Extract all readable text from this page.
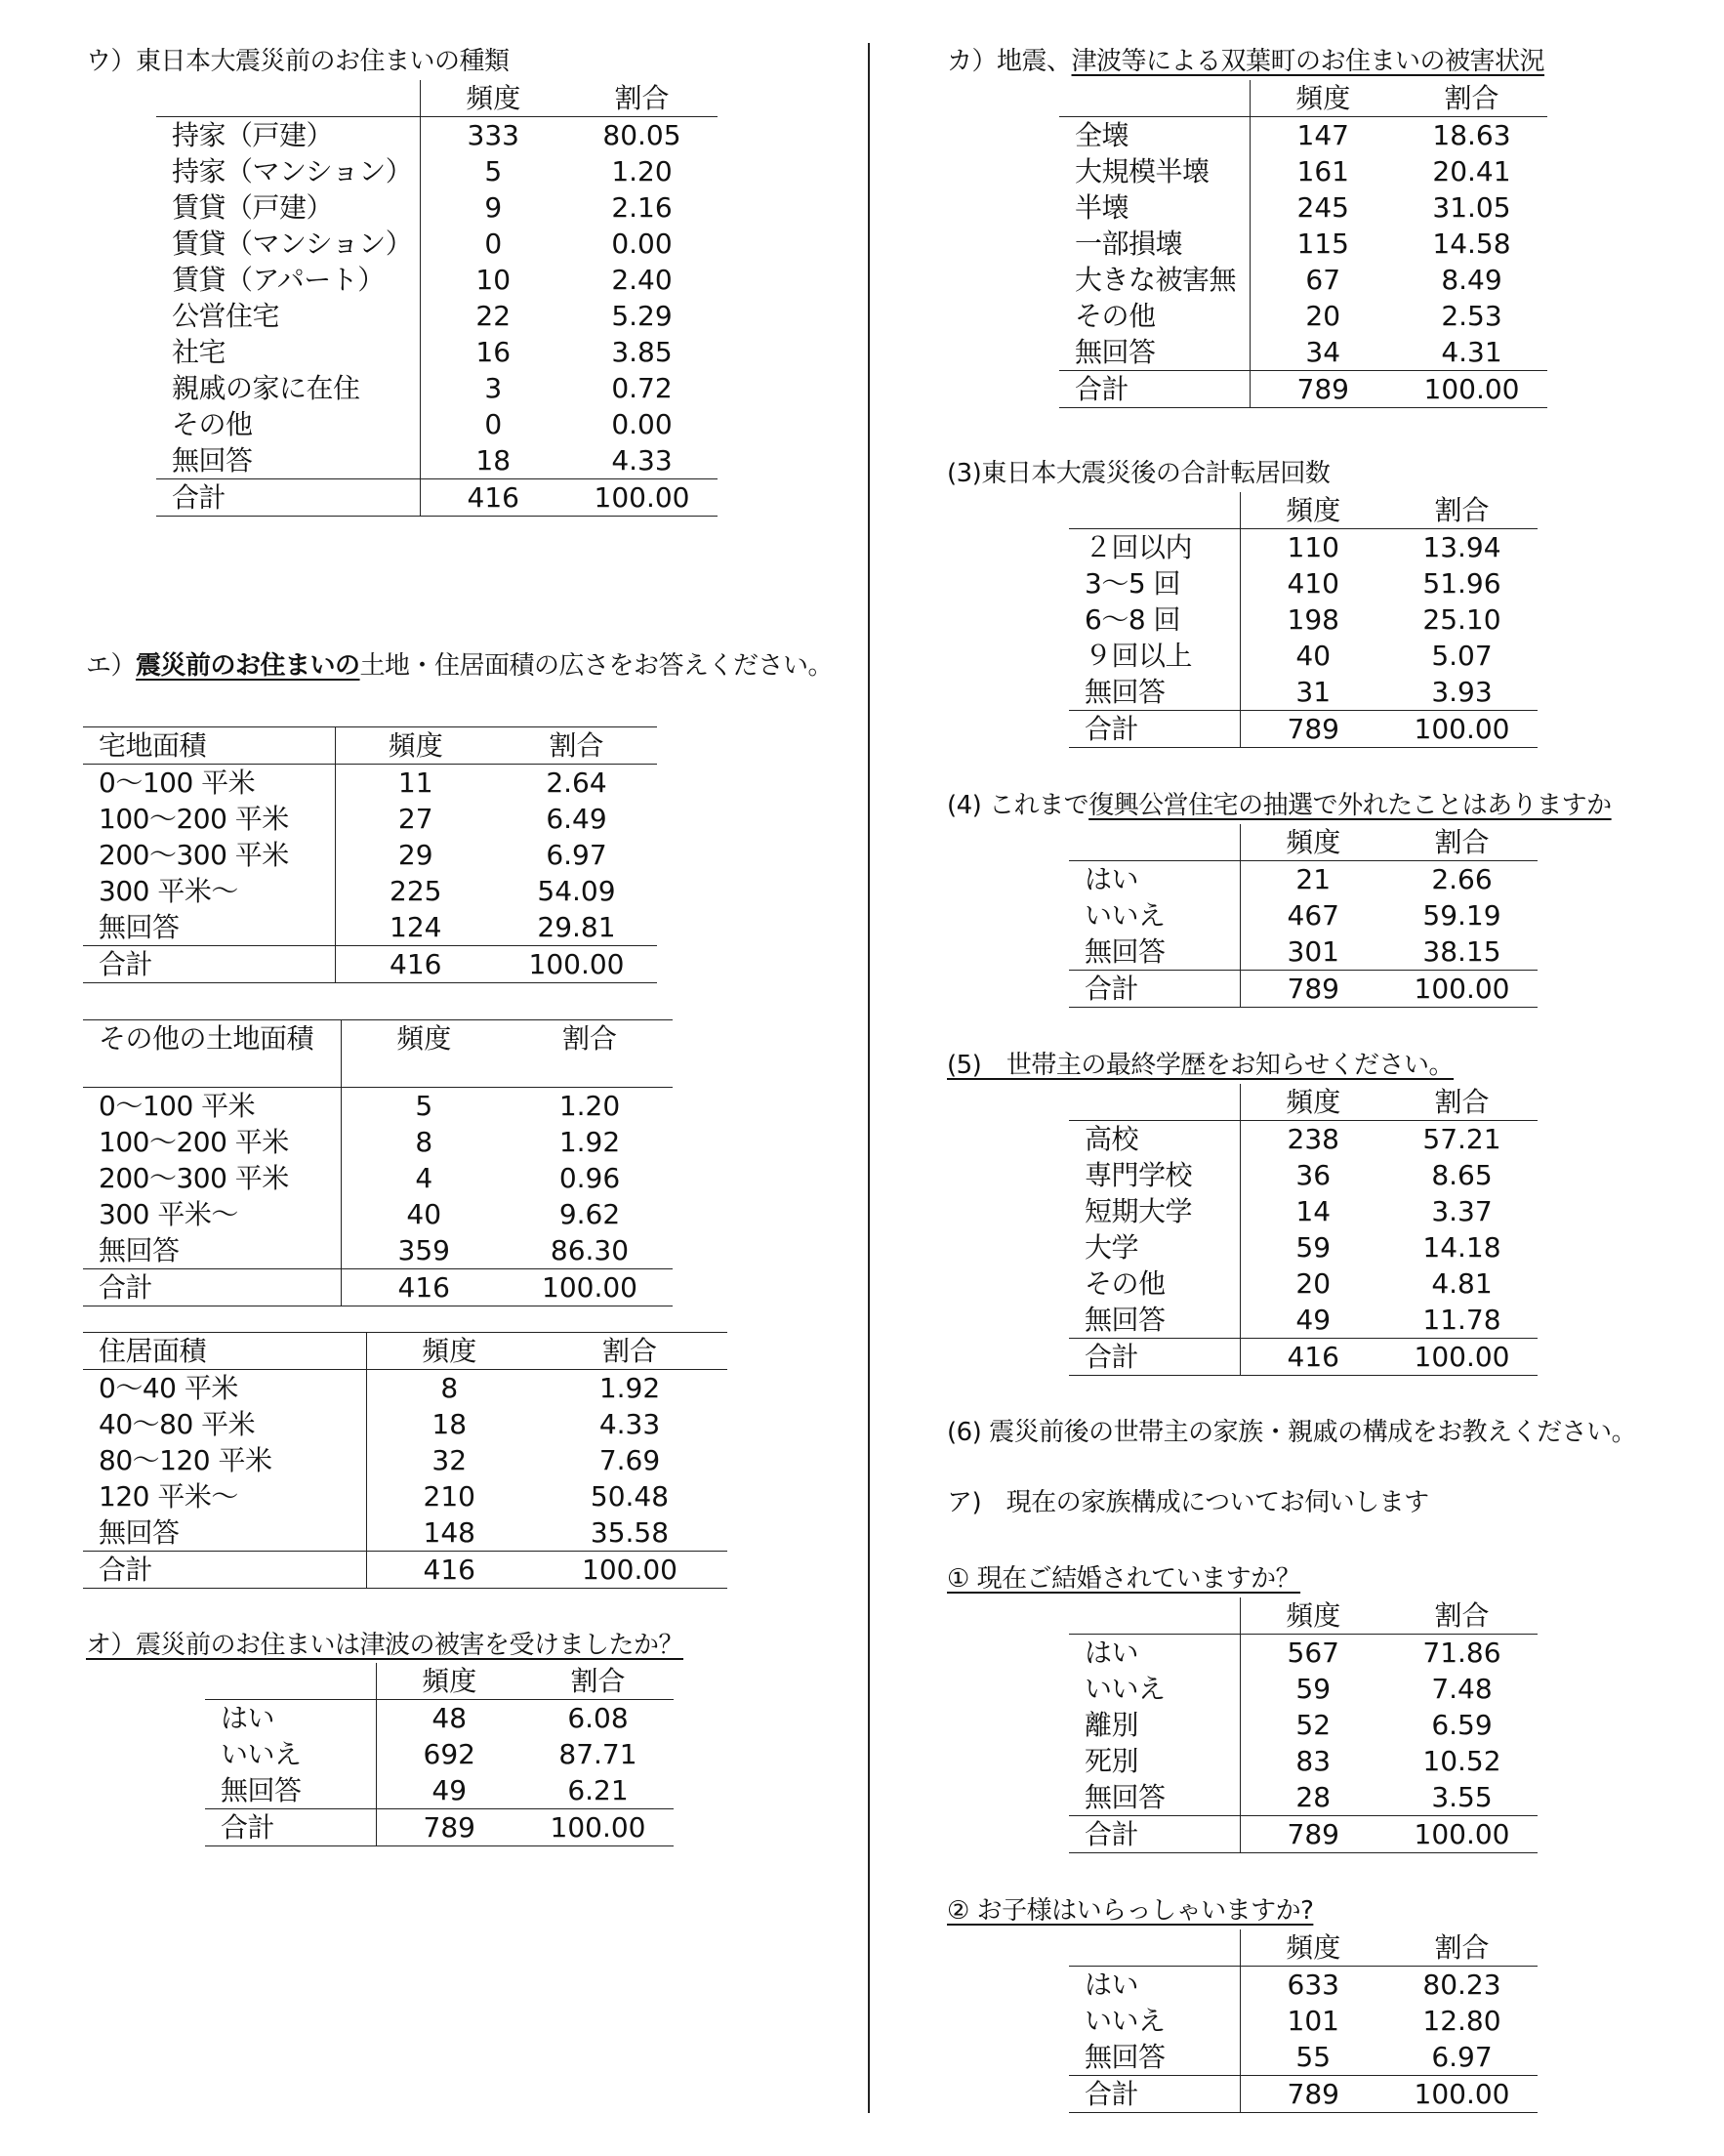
ウ）東日本大震災前のお住まいの種類
	頻度	割合
持家（戸建）	333	80.05
持家（マンション）	5	1.20
賃貸（戸建）	9	2.16
賃貸（マンション）	0	0.00
賃貸（アパート）	10	2.40
公営住宅	22	5.29
社宅	16	3.85
親戚の家に在住	3	0.72
その他	0	0.00
無回答	18	4.33
合計	416	100.00
エ）震災前のお住まいの土地・住居面積の広さをお答えください。
宅地面積	頻度	割合
0～100 平米	11	2.64
100～200 平米	27	6.49
200～300 平米	29	6.97
300 平米～	225	54.09
無回答	124	29.81
合計	416	100.00
その他の土地面積	頻度	割合
0～100 平米	5	1.20
100～200 平米	8	1.92
200～300 平米	4	0.96
300 平米～	40	9.62
無回答	359	86.30
合計	416	100.00
住居面積	頻度	割合
0～40 平米	8	1.92
40～80 平米	18	4.33
80～120 平米	32	7.69
120 平米～	210	50.48
無回答	148	35.58
合計	416	100.00
オ）震災前のお住まいは津波の被害を受けましたか？
	頻度	割合
はい	48	6.08
いいえ	692	87.71
無回答	49	6.21
合計	789	100.00
カ）地震、津波等による双葉町のお住まいの被害状況
	頻度	割合
全壊	147	18.63
大規模半壊	161	20.41
半壊	245	31.05
一部損壊	115	14.58
大きな被害無	67	8.49
その他	20	2.53
無回答	34	4.31
合計	789	100.00
(3)東日本大震災後の合計転居回数
	頻度	割合
２回以内	110	13.94
3～5 回	410	51.96
6～8 回	198	25.10
９回以上	40	5.07
無回答	31	3.93
合計	789	100.00
(4) これまで復興公営住宅の抽選で外れたことはありますか
	頻度	割合
はい	21	2.66
いいえ	467	59.19
無回答	301	38.15
合計	789	100.00
(5)　世帯主の最終学歴をお知らせください。
	頻度	割合
高校	238	57.21
専門学校	36	8.65
短期大学	14	3.37
大学	59	14.18
その他	20	4.81
無回答	49	11.78
合計	416	100.00
(6) 震災前後の世帯主の家族・親戚の構成をお教えください。
ア)　現在の家族構成についてお伺いします
① 現在ご結婚されていますか？
	頻度	割合
はい	567	71.86
いいえ	59	7.48
離別	52	6.59
死別	83	10.52
無回答	28	3.55
合計	789	100.00
② お子様はいらっしゃいますか?
	頻度	割合
はい	633	80.23
いいえ	101	12.80
無回答	55	6.97
合計	789	100.00
